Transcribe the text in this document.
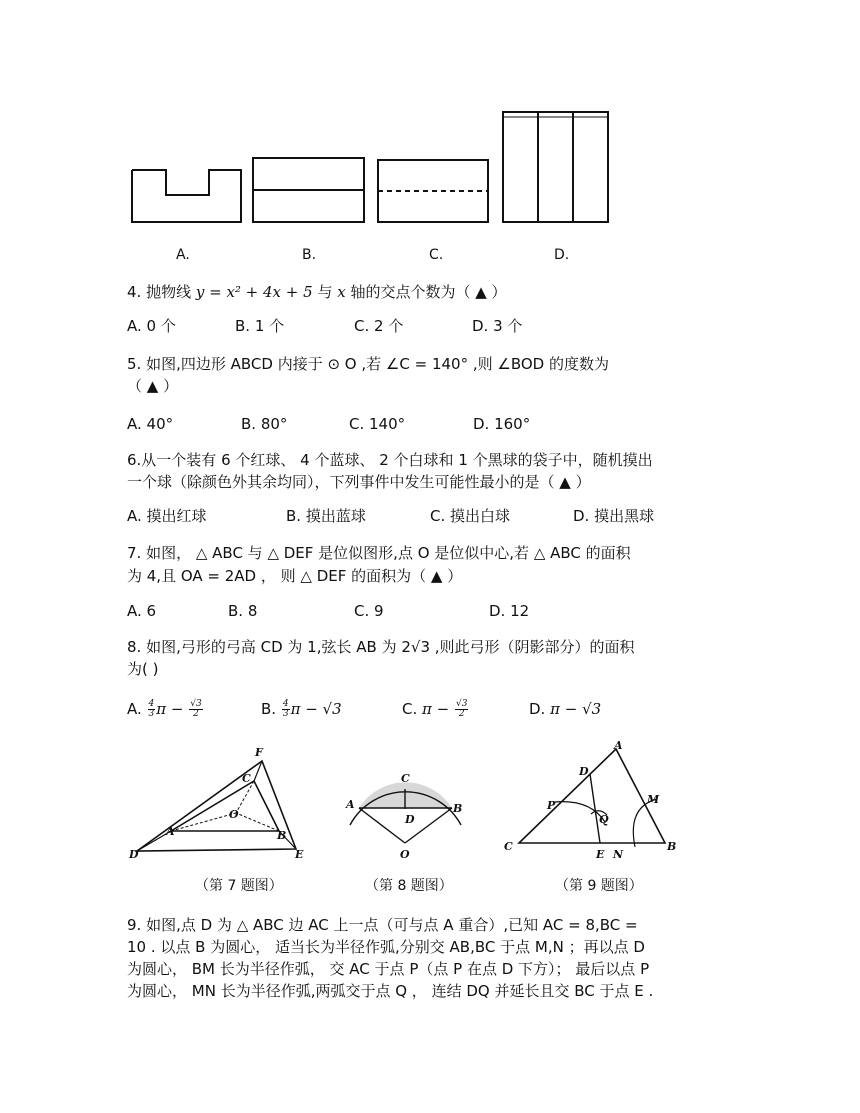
A.	B.	C.	D.
4. 抛物线 y = x² + 4x + 5 与 x 轴的交点个数为（ ▲ ）
A. 0 个	B. 1 个	C. 2 个	D. 3 个
5. 如图,四边形 ABCD 内接于 ⊙ O ,若 ∠C = 140° ,则 ∠BOD 的度数为
（ ▲ ）
A. 40°	B. 80°	C. 140°	D. 160°
6.从一个装有 6 个红球、 4 个蓝球、 2 个白球和 1 个黑球的袋子中，随机摸出
一个球（除颜色外其余均同），下列事件中发生可能性最小的是（ ▲ ）
A. 摸出红球	B. 摸出蓝球	C. 摸出白球	D. 摸出黑球
7. 如图， △ ABC 与 △ DEF 是位似图形,点 O 是位似中心,若 △ ABC 的面积
为 4,且 OA = 2AD ， 则 △ DEF 的面积为（ ▲ ）
A. 6	B. 8	C. 9	D. 12
8. 如图,弓形的弓高 CD 为 1,弦长 AB 为 2√3 ,则此弓形（阴影部分）的面积
为( )
A. $\frac{4}{3}$ $\pi - \frac{√3}{2}$	B. $\frac{4}{3}$ π − √3	C. $\pi - \frac{√3}{2}$	D. π − √3
F
C
O
A	B
D	E
（第 7 题图）
C
A	B
D
O
（第 8 题图）
A
D
M
P
Q
C
E N
B
（第 9 题图）
9. 如图,点 D 为 △ ABC 边 AC 上一点（可与点 A 重合）,已知 AC = 8,BC =
10 . 以点 B 为圆心， 适当长为半径作弧,分别交 AB,BC 于点 M,N ；再以点 D
为圆心， BM 长为半径作弧， 交 AC 于点 P（点 P 在点 D 下方）； 最后以点 P
为圆心， MN 长为半径作弧,两弧交于点 Q ， 连结 DQ 并延长且交 BC 于点 E .
